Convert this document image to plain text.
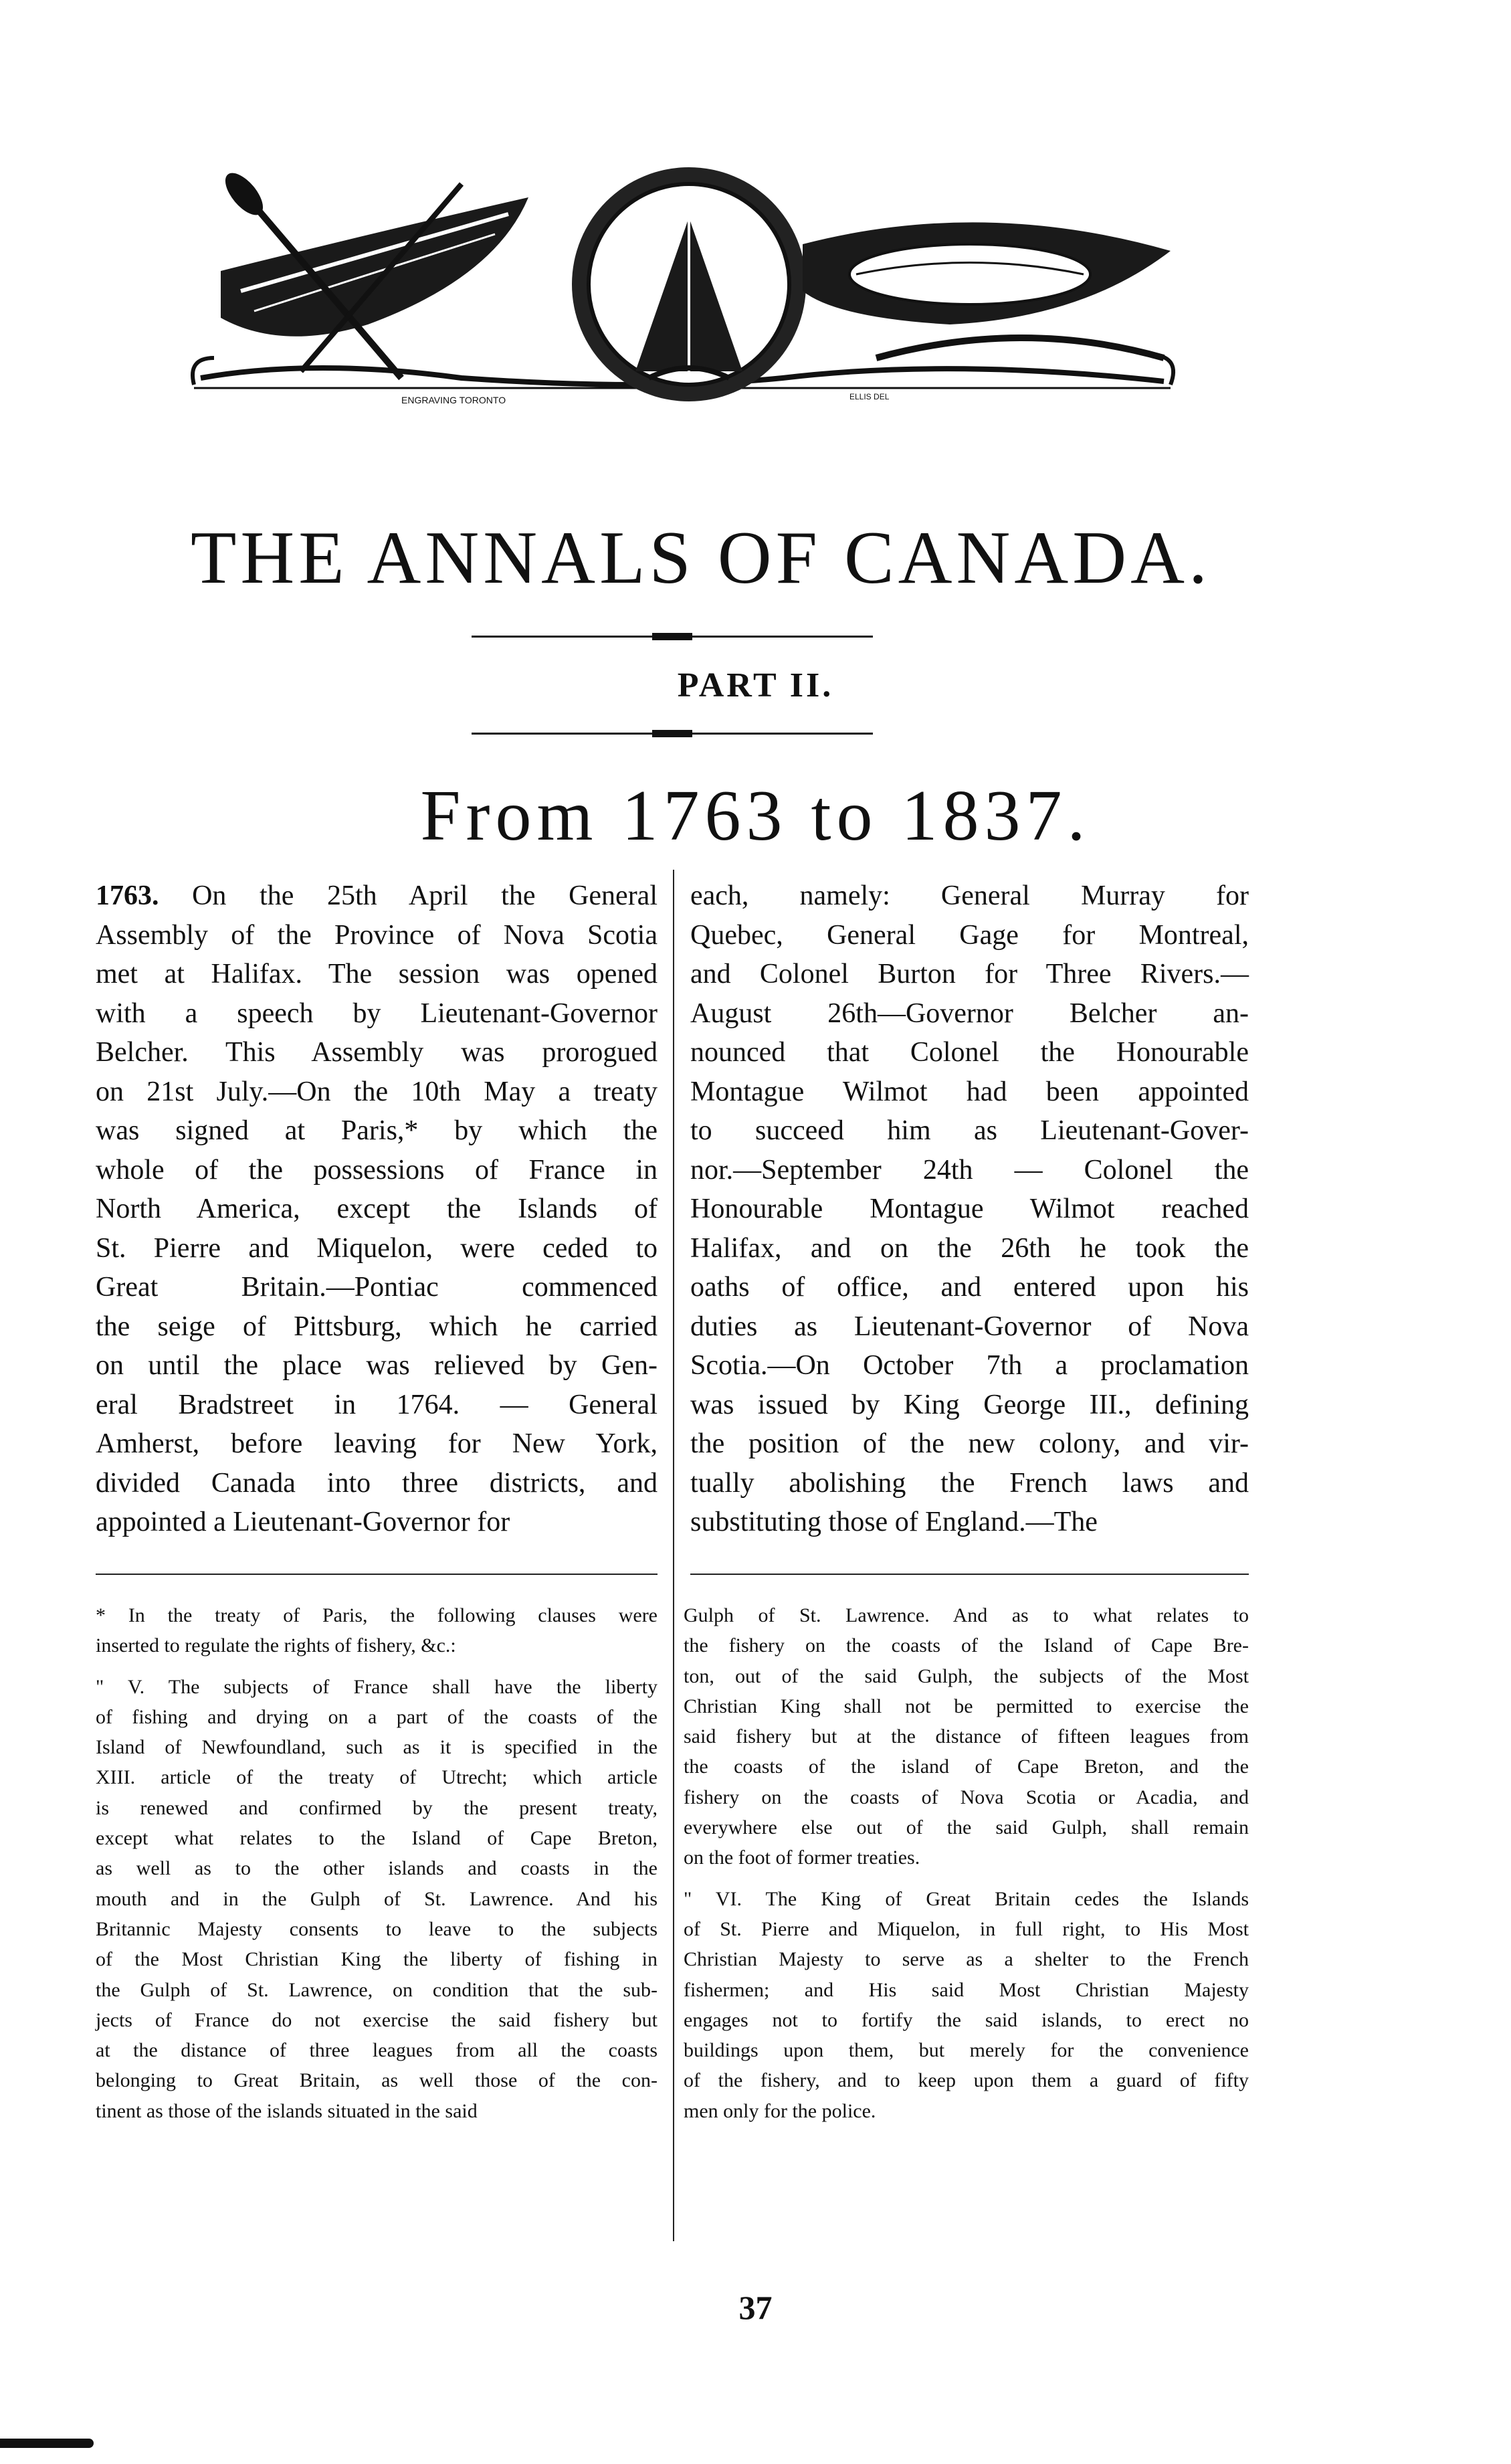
ENGRAVING TORONTO	ELLIS DEL
THE ANNALS OF CANADA.
PART II.
From 1763 to 1837.
1763. On the 25th April the General
Assembly of the Province of Nova Scotia
met at Halifax. The session was opened
with a speech by Lieutenant-Governor
Belcher. This Assembly was prorogued
on 21st July.—On the 10th May a treaty
was signed at Paris,* by which the
whole of the possessions of France in
North America, except the Islands of
St. Pierre and Miquelon, were ceded to
Great Britain.—Pontiac commenced
the seige of Pittsburg, which he carried
on until the place was relieved by Gen-
eral Bradstreet in 1764. — General
Amherst, before leaving for New York,
divided Canada into three districts, and
appointed a Lieutenant-Governor for
each, namely: General Murray for
Quebec, General Gage for Montreal,
and Colonel Burton for Three Rivers.—
August 26th—Governor Belcher an-
nounced that Colonel the Honourable
Montague Wilmot had been appointed
to succeed him as Lieutenant-Gover-
nor.—September 24th — Colonel the
Honourable Montague Wilmot reached
Halifax, and on the 26th he took the
oaths of office, and entered upon his
duties as Lieutenant-Governor of Nova
Scotia.—On October 7th a proclamation
was issued by King George III., defining
the position of the new colony, and vir-
tually abolishing the French laws and
substituting those of England.—The
* In the treaty of Paris, the following clauses were
inserted to regulate the rights of fishery, &c.:
" V. The subjects of France shall have the liberty
of fishing and drying on a part of the coasts of the
Island of Newfoundland, such as it is specified in the
XIII. article of the treaty of Utrecht; which article
is renewed and confirmed by the present treaty,
except what relates to the Island of Cape Breton,
as well as to the other islands and coasts in the
mouth and in the Gulph of St. Lawrence. And his
Britannic Majesty consents to leave to the subjects
of the Most Christian King the liberty of fishing in
the Gulph of St. Lawrence, on condition that the sub-
jects of France do not exercise the said fishery but
at the distance of three leagues from all the coasts
belonging to Great Britain, as well those of the con-
tinent as those of the islands situated in the said
Gulph of St. Lawrence. And as to what relates to
the fishery on the coasts of the Island of Cape Bre-
ton, out of the said Gulph, the subjects of the Most
Christian King shall not be permitted to exercise the
said fishery but at the distance of fifteen leagues from
the coasts of the island of Cape Breton, and the
fishery on the coasts of Nova Scotia or Acadia, and
everywhere else out of the said Gulph, shall remain
on the foot of former treaties.
" VI. The King of Great Britain cedes the Islands
of St. Pierre and Miquelon, in full right, to His Most
Christian Majesty to serve as a shelter to the French
fishermen; and His said Most Christian Majesty
engages not to fortify the said islands, to erect no
buildings upon them, but merely for the convenience
of the fishery, and to keep upon them a guard of fifty
men only for the police.
37
